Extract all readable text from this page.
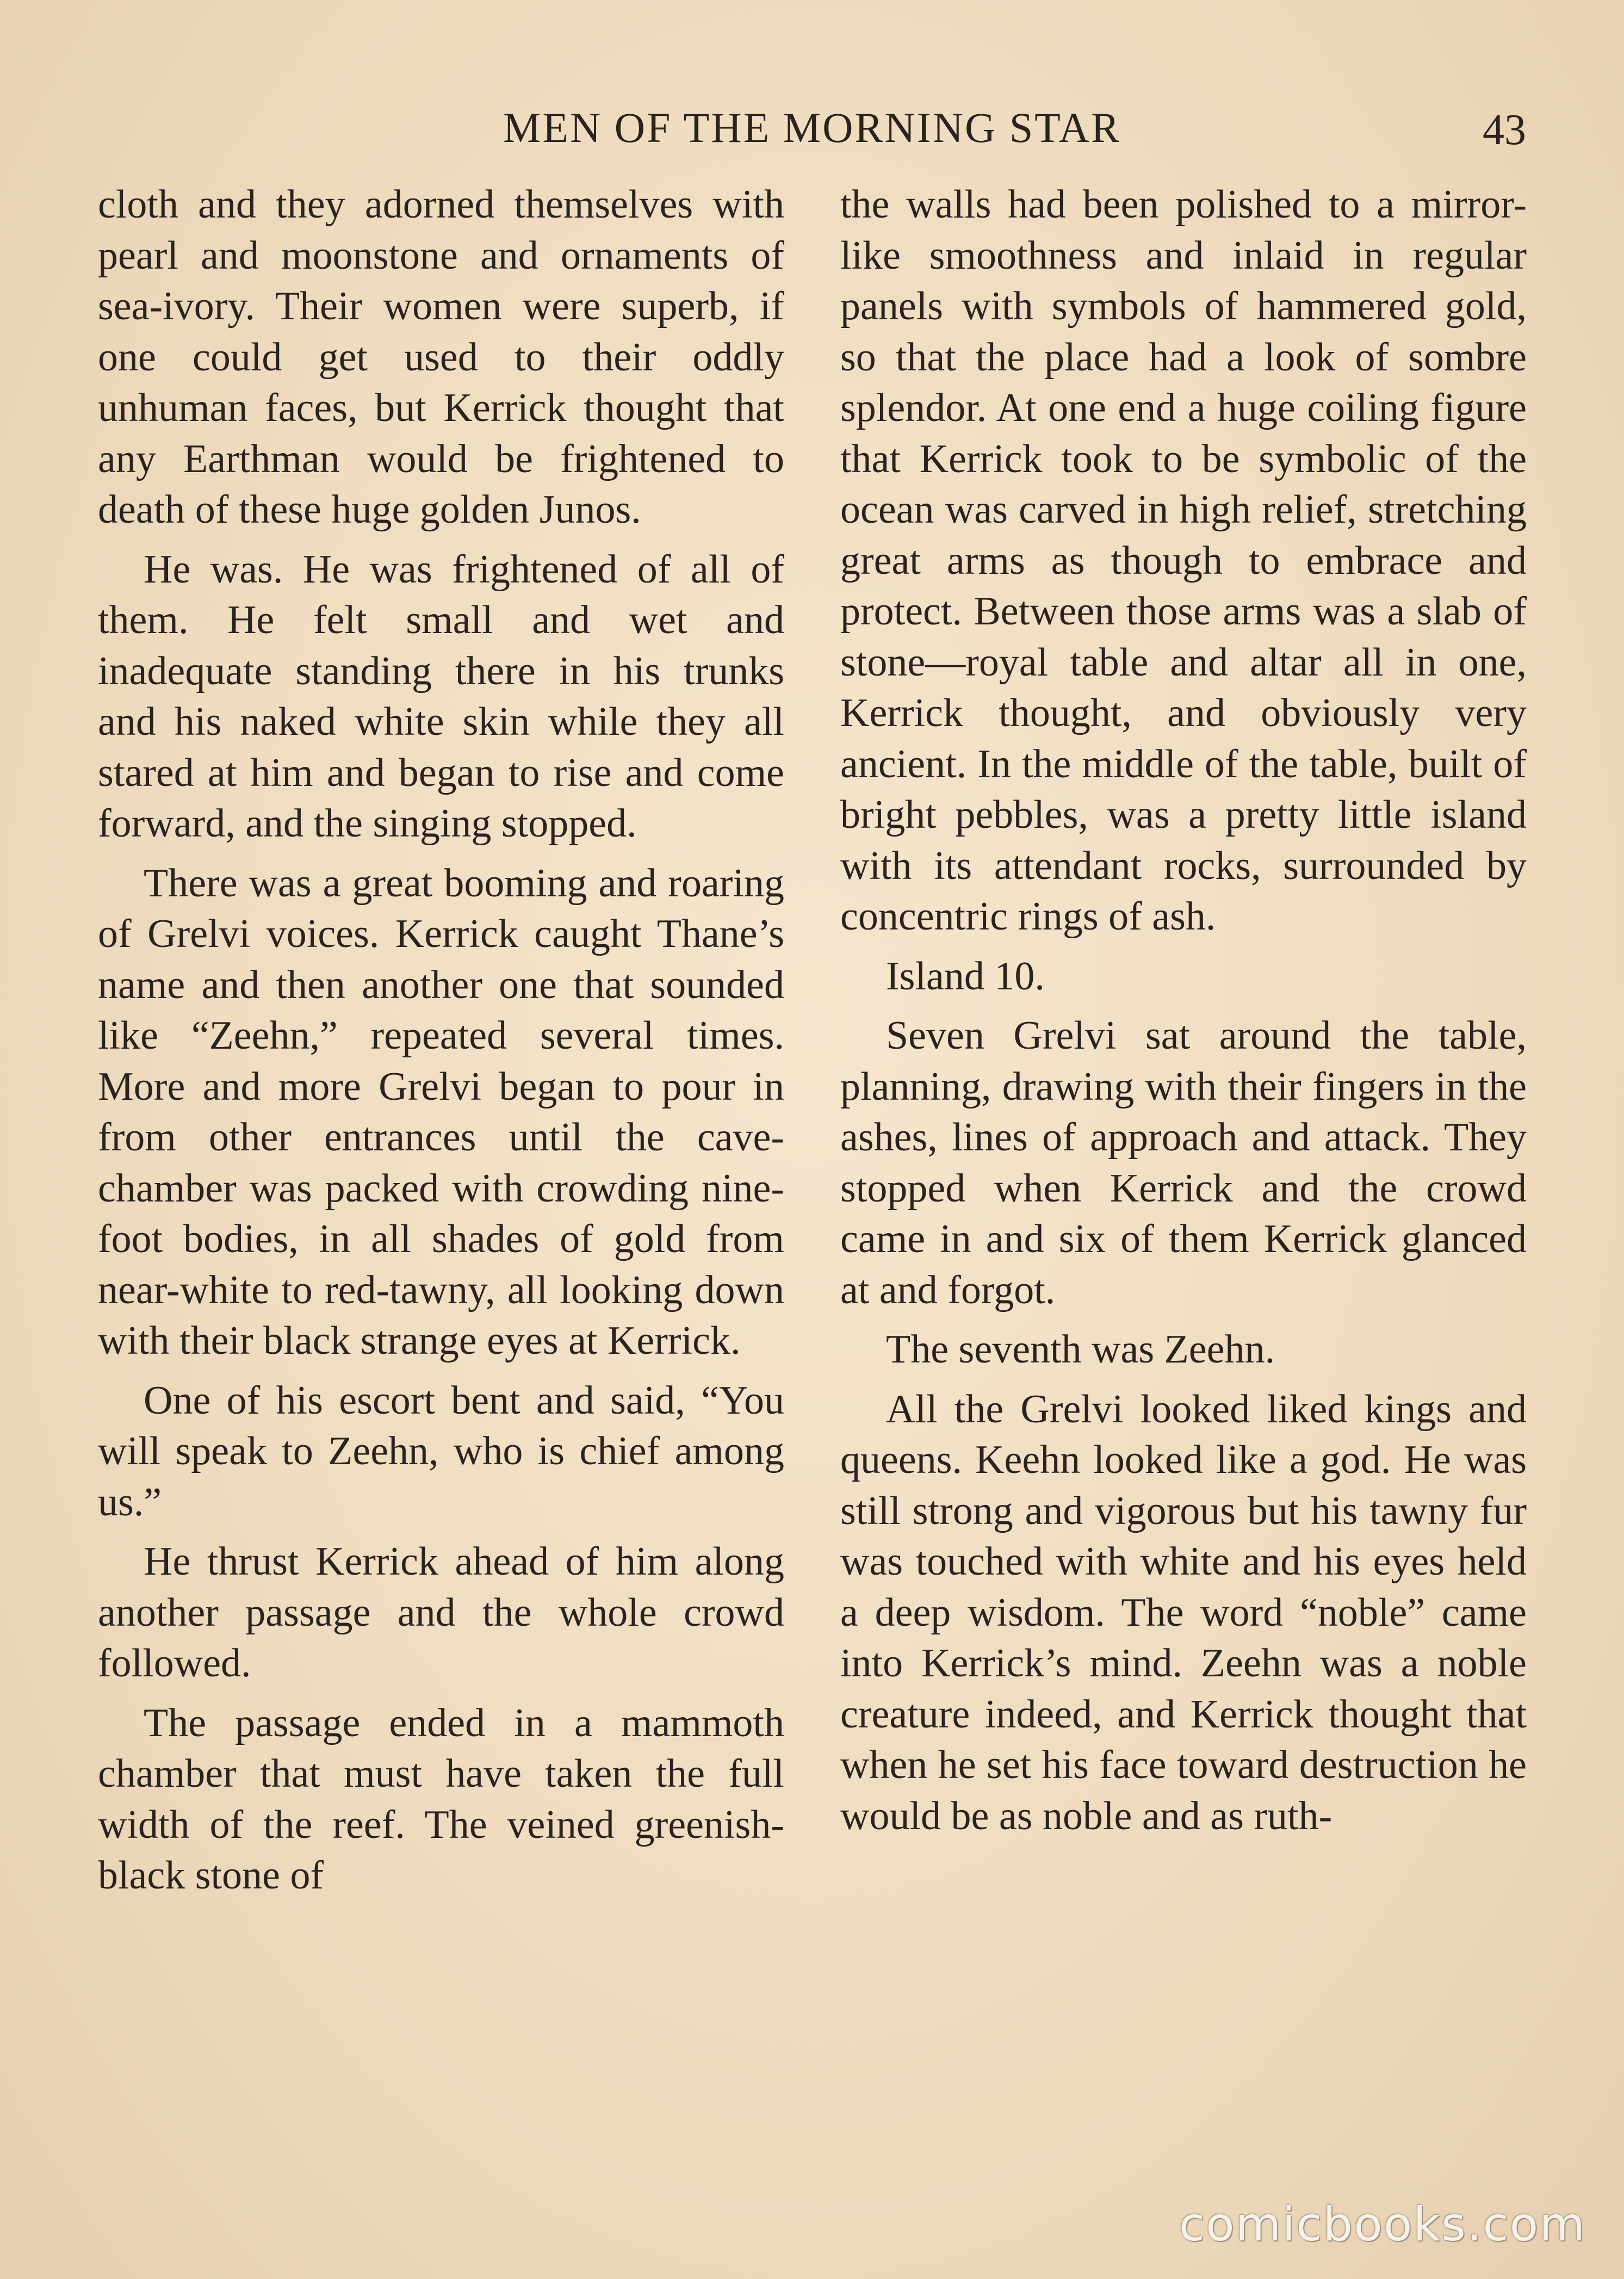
MEN OF THE MORNING STAR	43

cloth and they adorned themselves with pearl and moonstone and ornaments of sea-ivory. Their women were superb, if one could get used to their oddly unhuman faces, but Kerrick thought that any Earthman would be frightened to death of these huge golden Junos.

He was. He was frightened of all of them. He felt small and wet and inadequate standing there in his trunks and his naked white skin while they all stared at him and began to rise and come forward, and the singing stopped.

There was a great booming and roaring of Grelvi voices. Kerrick caught Thane’s name and then another one that sounded like “Zeehn,” repeated several times. More and more Grelvi began to pour in from other entrances until the cave-chamber was packed with crowding nine-foot bodies, in all shades of gold from near-white to red-tawny, all looking down with their black strange eyes at Kerrick.

One of his escort bent and said, “You will speak to Zeehn, who is chief among us.”

He thrust Kerrick ahead of him along another passage and the whole crowd followed.

The passage ended in a mammoth chamber that must have taken the full width of the reef. The veined greenish-black stone of

the walls had been polished to a mirror-like smoothness and inlaid in regular panels with symbols of hammered gold, so that the place had a look of sombre splendor. At one end a huge coiling figure that Kerrick took to be symbolic of the ocean was carved in high relief, stretching great arms as though to embrace and protect. Between those arms was a slab of stone—royal table and altar all in one, Kerrick thought, and obviously very ancient. In the middle of the table, built of bright pebbles, was a pretty little island with its attendant rocks, surrounded by concentric rings of ash.

Island 10.

Seven Grelvi sat around the table, planning, drawing with their fingers in the ashes, lines of approach and attack. They stopped when Kerrick and the crowd came in and six of them Kerrick glanced at and forgot.

The seventh was Zeehn.

All the Grelvi looked liked kings and queens. Keehn looked like a god. He was still strong and vigorous but his tawny fur was touched with white and his eyes held a deep wisdom. The word “noble” came into Kerrick’s mind. Zeehn was a noble creature indeed, and Kerrick thought that when he set his face toward destruction he would be as noble and as ruth-

comicbooks.com
